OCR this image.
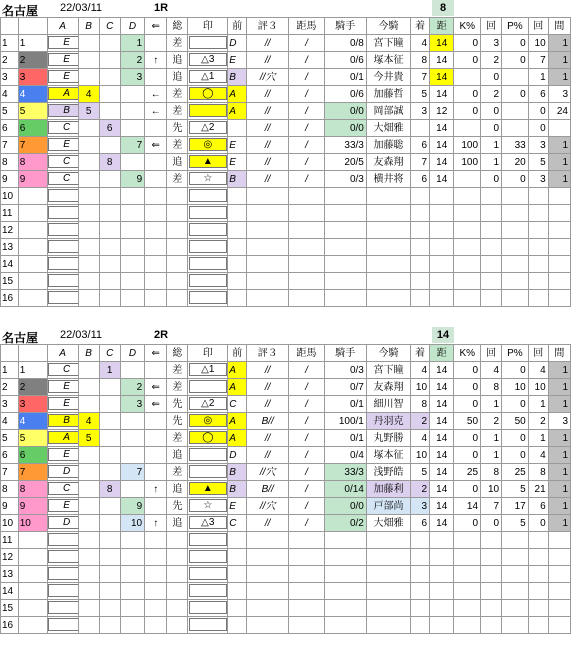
名古屋 22/03/11	1R	8
		A	B	C	D	⇐	総	印	前	評３	距馬	騎手	今騎	着	距	K%	回	P%	回	間
1	1	E			1		差		D	//	/	0/8	宮下瞳	4	14	0	3	0	10	1
2	2	E			2	↑	追	△3	E	//	/	0/6	塚本征	8	14	0	2	0	7	1
3	3	E			3		追	△1	B	//穴	/	0/1	今井貴	7	14		0		1	1
4	4	A	4			←	差	◯	A	//	/	0/6	加藤哲	5	14	0	2	0	6	3
5	5	B	5			←	差		A	//	/	0/0	岡部誠	3	12	0	0		0	24
6	6	C		6			先	△2		//	/	0/0	大畑雅		14		0		0	
7	7	E			7	⇐	差	◎	E	//	/	33/3	加藤聡	6	14	100	1	33	3	1
8	8	C		8			追	▲	E	//	/	20/5	友森翔	7	14	100	1	20	5	1
9	9	C			9		差	☆	B	//	/	0/3	横井将	6	14		0	0	3	1
10																				
11																				
12																				
13																				
14																				
15																				
16																				
名古屋 22/03/11	2R	14
		A	B	C	D	⇐	総	印	前	評３	距馬	騎手	今騎	着	距	K%	回	P%	回	間
1	1	C		1			差	△1	A	//	/	0/3	宮下瞳	4	14	0	4	0	4	1
2	2	E			2	⇐	差		A	//	/	0/7	友森翔	10	14	0	8	10	10	1
3	3	E			3	⇐	先	△2	C	//	/	0/1	細川智	8	14	0	1	0	1	1
4	4	B	4				先	◎	A	B//	/	100/1	丹羽克	2	14	50	2	50	2	3
5	5	A	5				差	◯	A	//	/	0/1	丸野勝	4	14	0	1	0	1	1
6	6	E					追		D	//	/	0/4	塚本征	10	14	0	1	0	4	1
7	7	D			7		差		B	//穴	/	33/3	浅野皓	5	14	25	8	25	8	1
8	8	C		8		↑	追	▲	B	B//	/	0/14	加藤利	2	14	0	10	5	21	1
9	9	E			9		先	☆	E	//穴	/	0/0	戸部尚	3	14	14	7	17	6	1
10	10	D			10	↑	追	△3	C	//	/	0/2	大畑雅	6	14	0	0	5	0	1
11																				
12																				
13																				
14																				
15																				
16																				
